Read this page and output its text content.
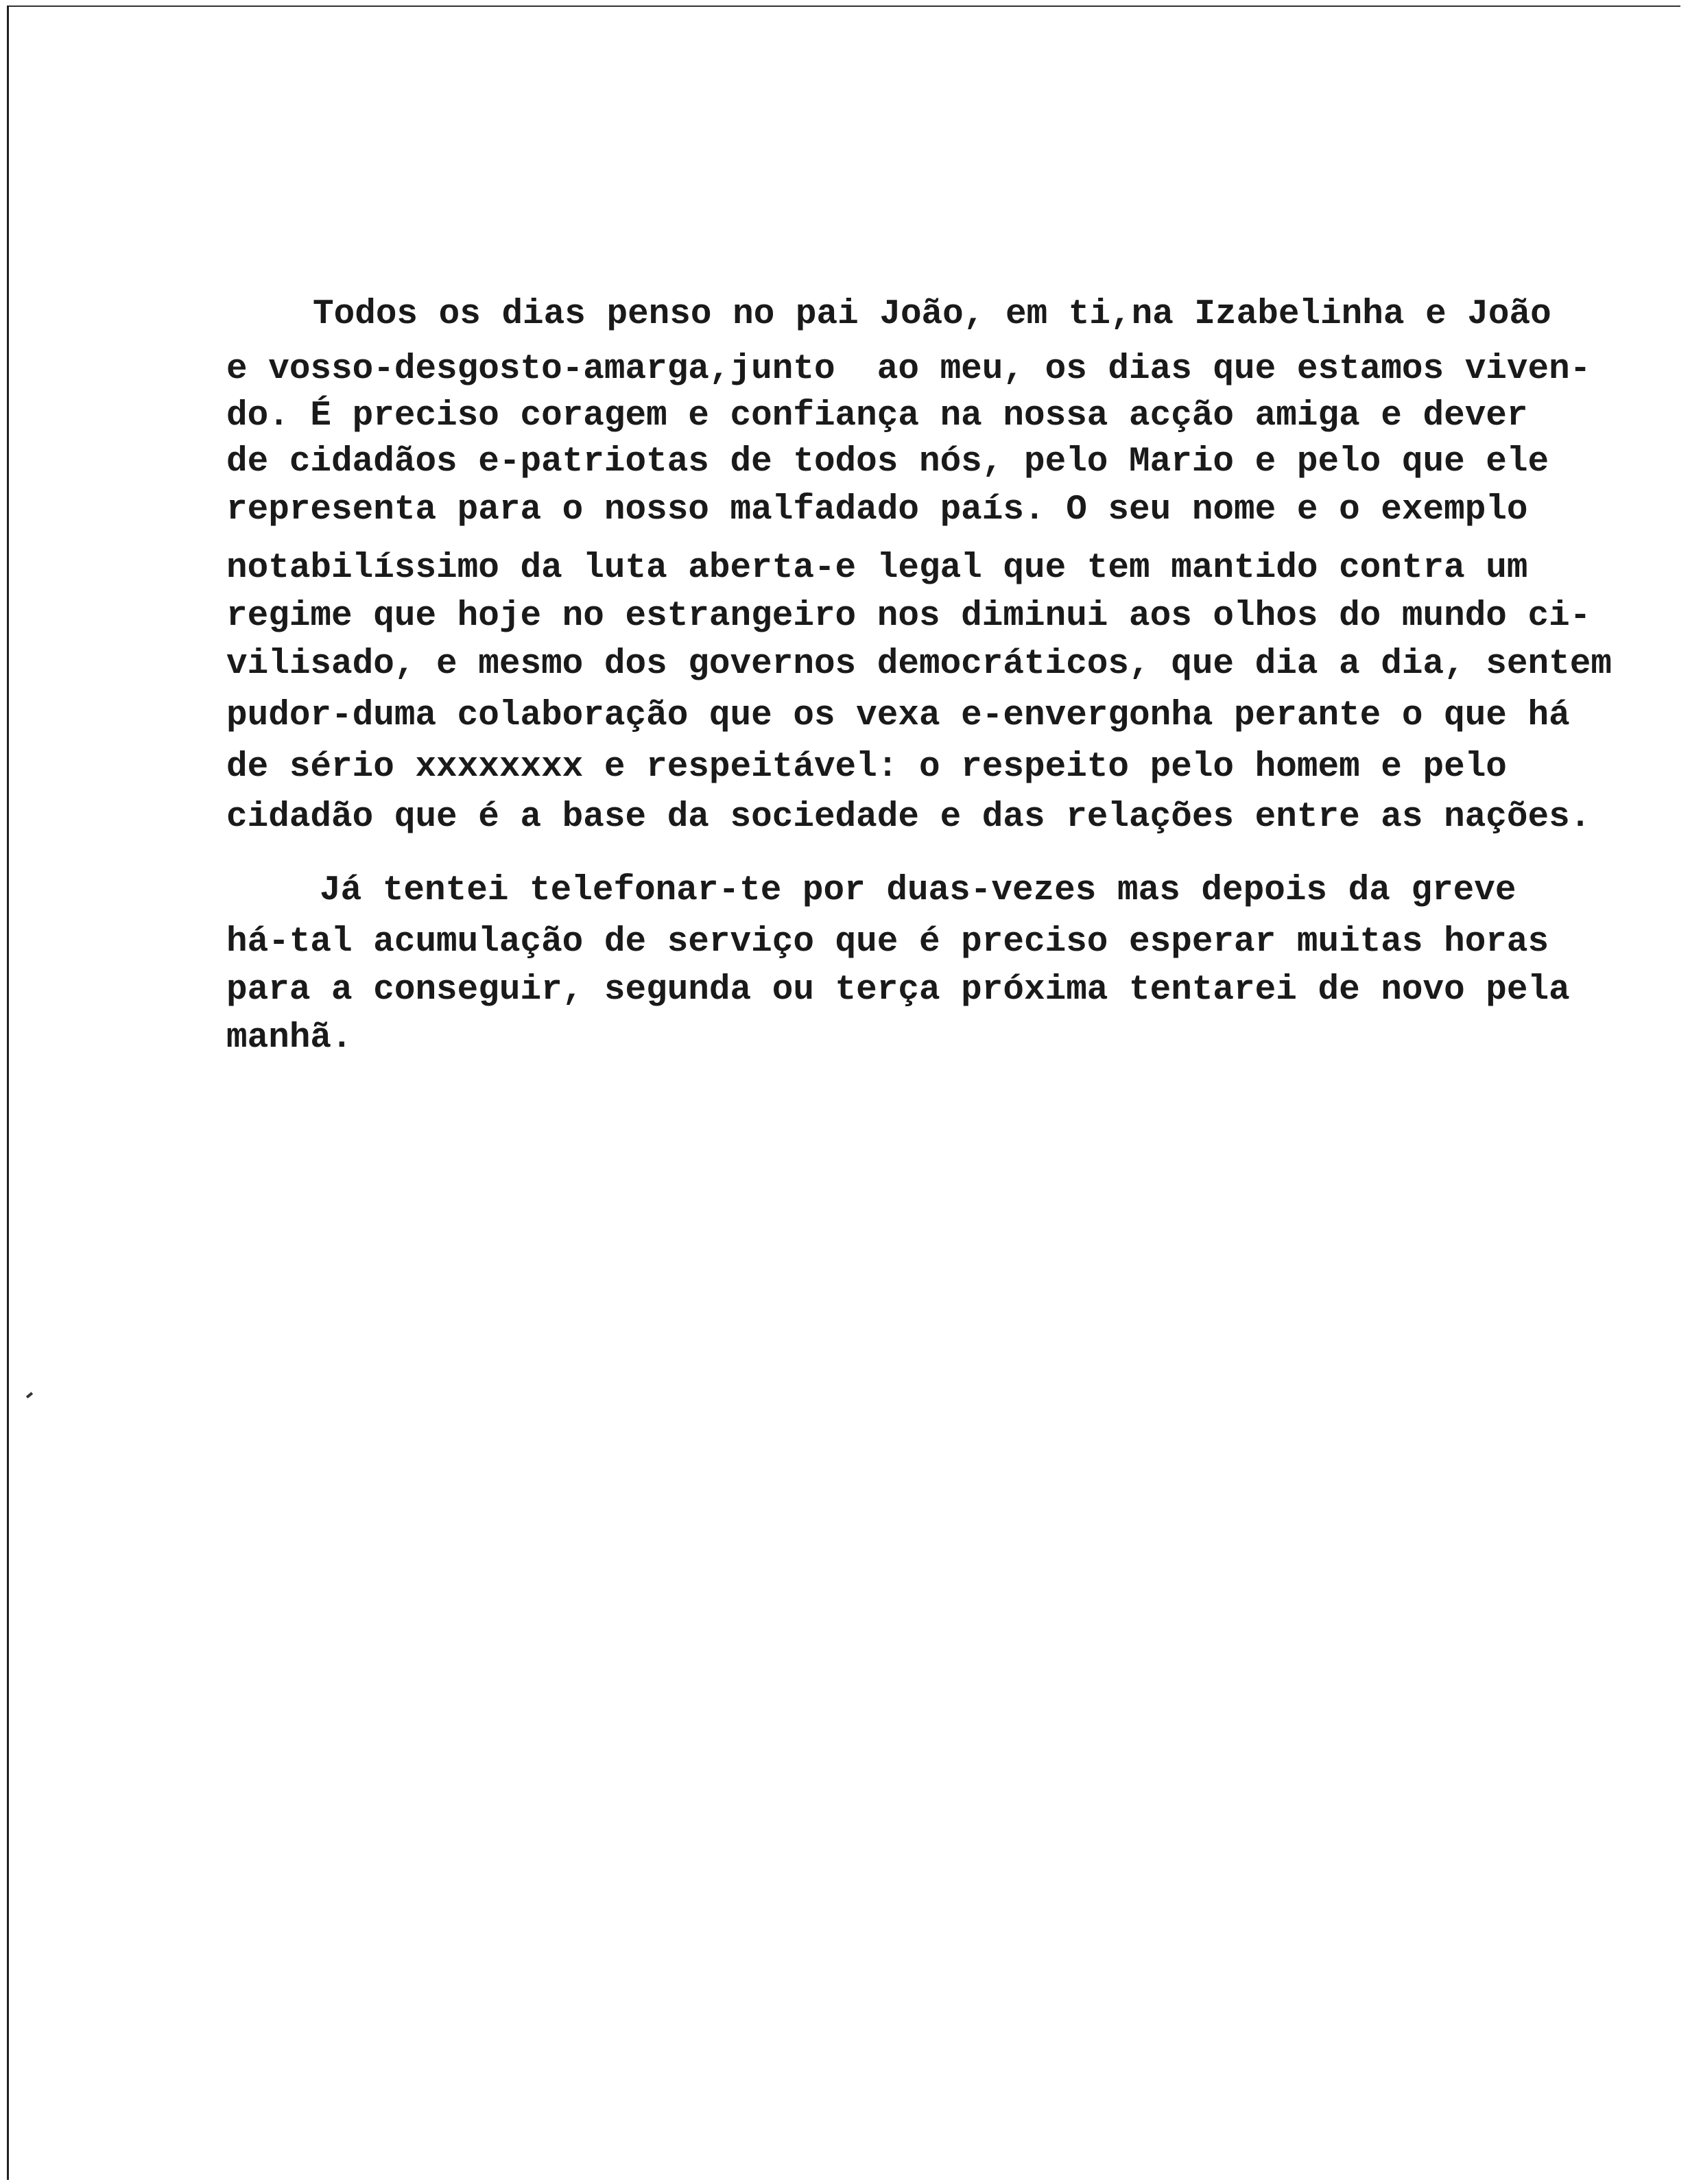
Todos os dias penso no pai João, em ti,na Izabelinha e João
e vosso-desgosto-amarga,junto  ao meu, os dias que estamos viven-
do. É preciso coragem e confiança na nossa acção amiga e dever
de cidadãos e-patriotas de todos nós, pelo Mario e pelo que ele
representa para o nosso malfadado país. O seu nome e o exemplo
notabilíssimo da luta aberta-e legal que tem mantido contra um
regime que hoje no estrangeiro nos diminui aos olhos do mundo ci-
vilisado, e mesmo dos governos democráticos, que dia a dia, sentem
pudor-duma colaboração que os vexa e-envergonha perante o que há
de sério xxxxxxxx e respeitável: o respeito pelo homem e pelo
cidadão que é a base da sociedade e das relações entre as nações.
Já tentei telefonar-te por duas-vezes mas depois da greve
há-tal acumulação de serviço que é preciso esperar muitas horas
para a conseguir, segunda ou terça próxima tentarei de novo pela
manhã.
